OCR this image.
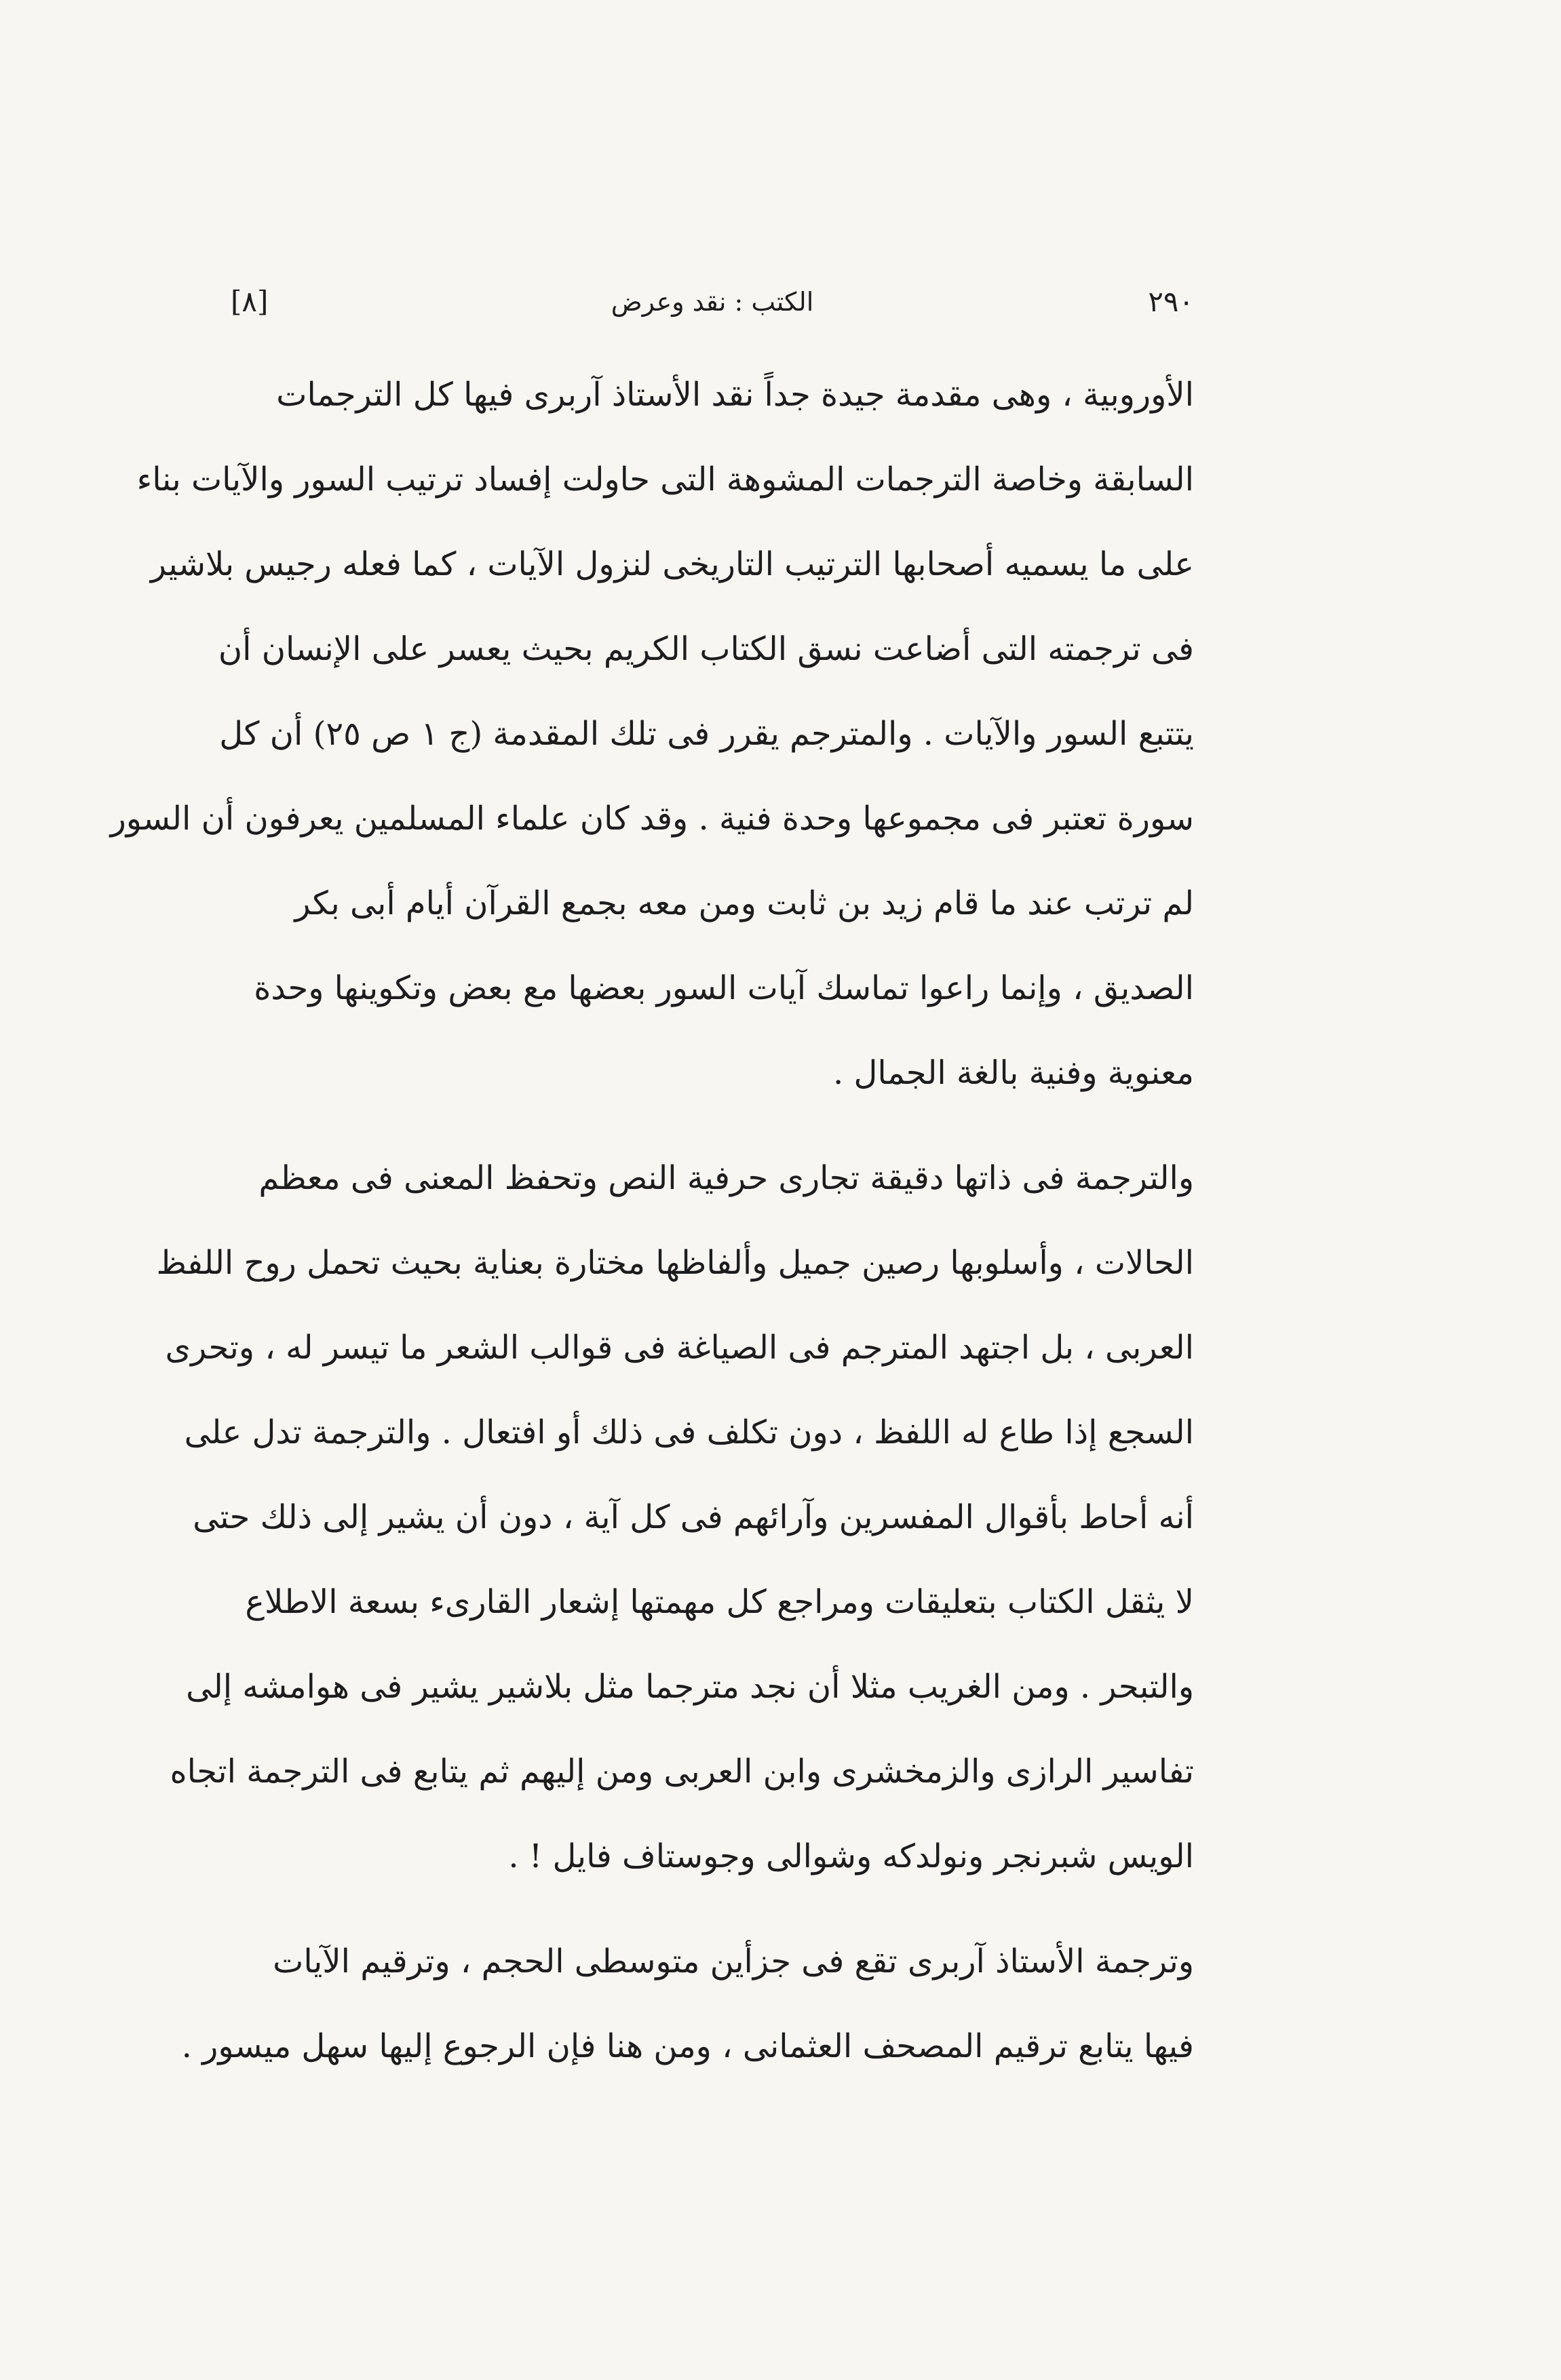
[٨]	الكتب : نقد وعرض	٢٩٠
الأوروبية ، وهى مقدمة جيدة جداً نقد الأستاذ آربرى فيها كل الترجمات
السابقة وخاصة الترجمات المشوهة التى حاولت إفساد ترتيب السور والآيات بناء
على ما يسميه أصحابها الترتيب التاريخى لنزول الآيات ، كما فعله رجيس بلاشير
فى ترجمته التى أضاعت نسق الكتاب الكريم بحيث يعسر على الإنسان أن
يتتبع السور والآيات . والمترجم يقرر فى تلك المقدمة (ج ١ ص ٢٥) أن كل
سورة تعتبر فى مجموعها وحدة فنية . وقد كان علماء المسلمين يعرفون أن السور
لم ترتب عند ما قام زيد بن ثابت ومن معه بجمع القرآن أيام أبى بكر
الصديق ، وإنما راعوا تماسك آيات السور بعضها مع بعض وتكوينها وحدة
معنوية وفنية بالغة الجمال .
والترجمة فى ذاتها دقيقة تجارى حرفية النص وتحفظ المعنى فى معظم
الحالات ، وأسلوبها رصين جميل وألفاظها مختارة بعناية بحيث تحمل روح اللفظ
العربى ، بل اجتهد المترجم فى الصياغة فى قوالب الشعر ما تيسر له ، وتحرى
السجع إذا طاع له اللفظ ، دون تكلف فى ذلك أو افتعال . والترجمة تدل على
أنه أحاط بأقوال المفسرين وآرائهم فى كل آية ، دون أن يشير إلى ذلك حتى
لا يثقل الكتاب بتعليقات ومراجع كل مهمتها إشعار القارىء بسعة الاطلاع
والتبحر . ومن الغريب مثلا أن نجد مترجما مثل بلاشير يشير فى هوامشه إلى
تفاسير الرازى والزمخشرى وابن العربى ومن إليهم ثم يتابع فى الترجمة اتجاه
الويس شبرنجر ونولدكه وشوالى وجوستاف فايل ! .
وترجمة الأستاذ آربرى تقع فى جزأين متوسطى الحجم ، وترقيم الآيات
فيها يتابع ترقيم المصحف العثمانى ، ومن هنا فإن الرجوع إليها سهل ميسور .
